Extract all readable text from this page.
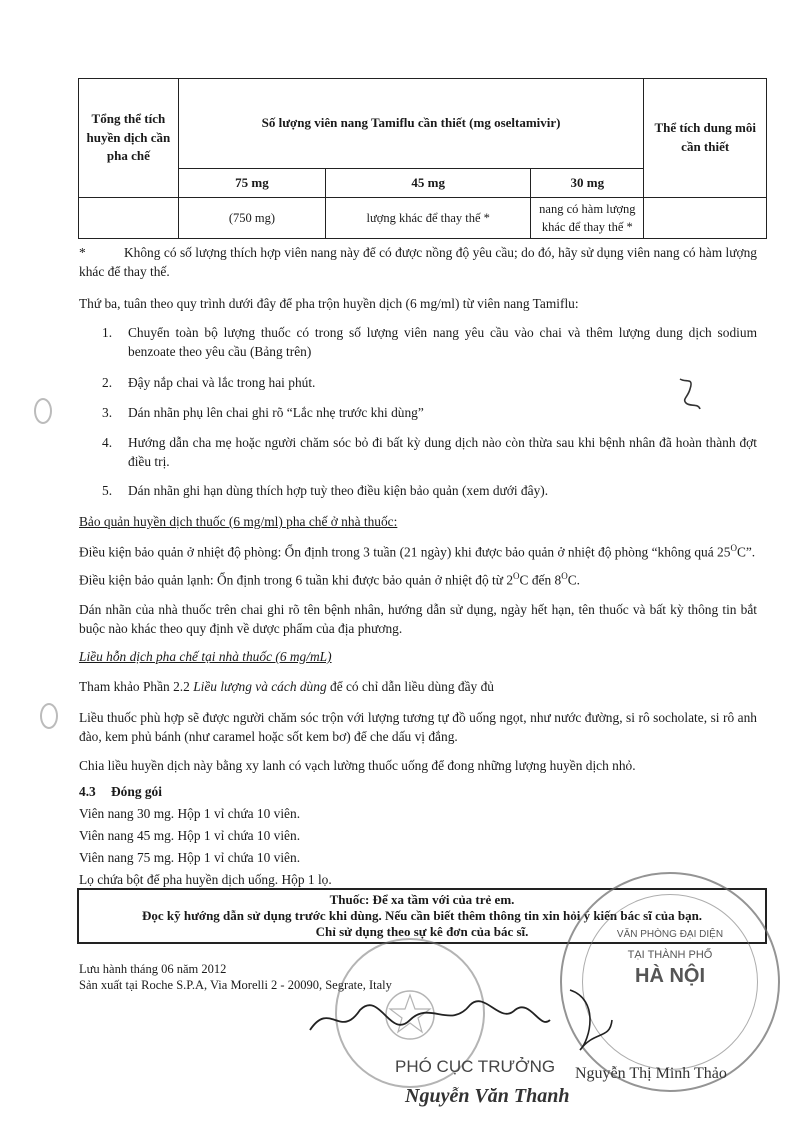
Tổng thể tích huyền dịch cần pha chế	Số lượng viên nang Tamiflu cần thiết (mg oseltamivir)			Thể tích dung môi cần thiết
	75 mg	45 mg	30 mg	
	(750 mg)	lượng khác để thay thế *	nang có hàm lượng khác để thay thế *	

*	Không có số lượng thích hợp viên nang này để có được nồng độ yêu cầu; do đó, hãy sử dụng viên nang có hàm lượng khác để thay thế.

Thứ ba, tuân theo quy trình dưới đây để pha trộn huyền dịch (6 mg/ml) từ viên nang Tamiflu:

1.	Chuyển toàn bộ lượng thuốc có trong số lượng viên nang yêu cầu vào chai và thêm lượng dung dịch sodium benzoate theo yêu cầu (Bảng trên)
2.	Đậy nắp chai và lắc trong hai phút.
3.	Dán nhãn phụ lên chai ghi rõ “Lắc nhẹ trước khi dùng”
4.	Hướng dẫn cha mẹ hoặc người chăm sóc bỏ đi bất kỳ dung dịch nào còn thừa sau khi bệnh nhân đã hoàn thành đợt điều trị.
5.	Dán nhãn ghi hạn dùng thích hợp tuỳ theo điều kiện bảo quản (xem dưới đây).

Bảo quản huyền dịch thuốc (6 mg/ml) pha chế ở nhà thuốc:

Điều kiện bảo quản ở nhiệt độ phòng: Ổn định trong 3 tuần (21 ngày) khi được bảo quản ở nhiệt độ phòng “không quá $25^OC$”.

Điều kiện bảo quản lạnh: Ổn định trong 6 tuần khi được bảo quản ở nhiệt độ từ $2^OC$ đến $8^OC$.

Dán nhãn của nhà thuốc trên chai ghi rõ tên bệnh nhân, hướng dẫn sử dụng, ngày hết hạn, tên thuốc và bất kỳ thông tin bắt buộc nào khác theo quy định về dược phẩm của địa phương.

Liều hỗn dịch pha chế tại nhà thuốc (6 mg/mL)

Tham khảo Phần 2.2 Liều lượng và cách dùng để có chỉ dẫn liều dùng đầy đủ

Liều thuốc phù hợp sẽ được người chăm sóc trộn với lượng tương tự đồ uống ngọt, như nước đường, si rô socholate, si rô anh đào, kem phủ bánh (như caramel hoặc sốt kem bơ) để che dấu vị đắng.

Chia liều huyền dịch này bằng xy lanh có vạch lường thuốc uống để đong những lượng huyền dịch nhỏ.

4.3 Đóng gói

Viên nang 30 mg. Hộp 1 vỉ chứa 10 viên.

Viên nang 45 mg. Hộp 1 vỉ chứa 10 viên.

Viên nang 75 mg. Hộp 1 vỉ chứa 10 viên.

Lọ chứa bột để pha huyền dịch uống. Hộp 1 lọ.

Thuốc: Để xa tầm với của trẻ em.
Đọc kỹ hướng dẫn sử dụng trước khi dùng. Nếu cần biết thêm thông tin xin hỏi ý kiến bác sĩ của bạn.
Chỉ sử dụng theo sự kê đơn của bác sĩ.
Lưu hành tháng 06 năm 2012
Sản xuất tại Roche S.P.A, Via Morelli 2 - 20090, Segrate, Italy
VĂN PHÒNG ĐẠI DIỆN
TẠI THÀNH PHỐ
HÀ NỘI
PHÓ CỤC TRƯỞNG
Nguyễn Văn Thanh
Nguyễn Thị Minh Thảo
